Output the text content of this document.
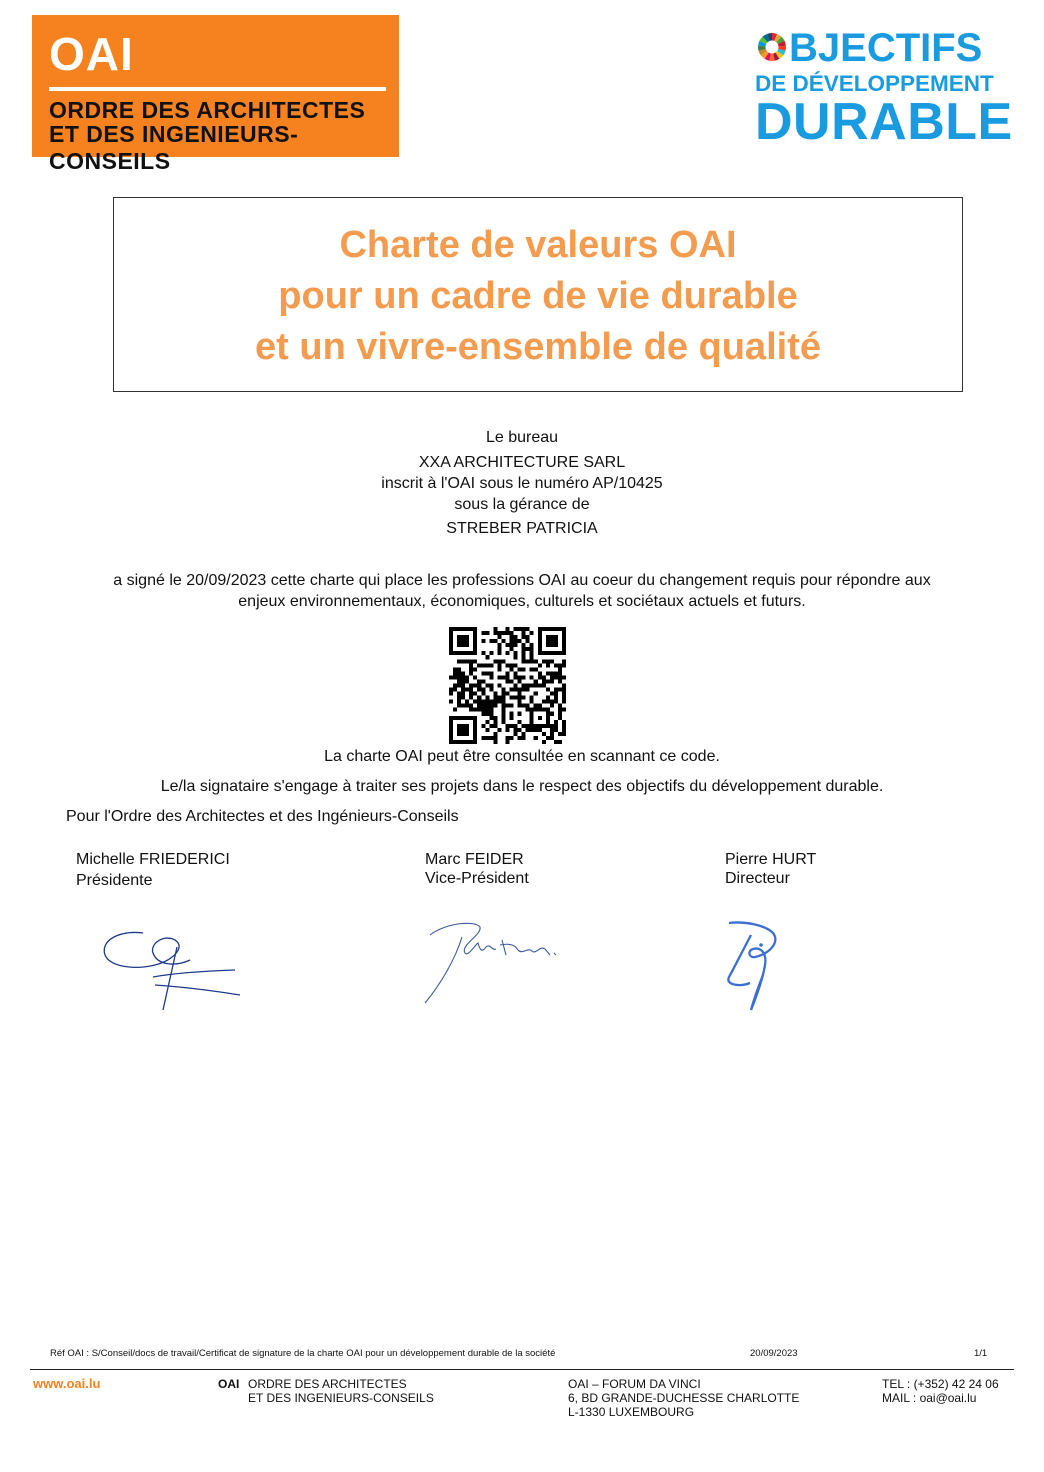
OAI
ORDRE DES ARCHITECTES
ET DES INGENIEURS-CONSEILS
BJECTIFS
DE DÉVELOPPEMENT
DURABLE
Charte de valeurs OAI
pour un cadre de vie durable
et un vivre-ensemble de qualité
Le bureau
XXA ARCHITECTURE SARL
inscrit à l'OAI sous le numéro AP/10425
sous la gérance de
STREBER PATRICIA
a signé le 20/09/2023 cette charte qui place les professions OAI au coeur du changement requis pour répondre aux
enjeux environnementaux, économiques, culturels et sociétaux actuels et futurs.
La charte OAI peut être consultée en scannant ce code.
Le/la signataire s'engage à traiter ses projets dans le respect des objectifs du développement durable.
Pour l'Ordre des Architectes et des Ingénieurs-Conseils
Michelle FRIEDERICI
Présidente
Marc FEIDER
Vice-Président
Pierre HURT
Directeur
Réf OAI : S/Conseil/docs de travail/Certificat de signature de la charte OAI pour un développement durable de la société	20/09/2023	1/1
www.oai.lu	OAI ORDRE DES ARCHITECTES
ET DES INGENIEURS-CONSEILS
OAI – FORUM DA VINCI
6, BD GRANDE-DUCHESSE CHARLOTTE
L-1330 LUXEMBOURG
TEL : (+352) 42 24 06
MAIL : oai@oai.lu
